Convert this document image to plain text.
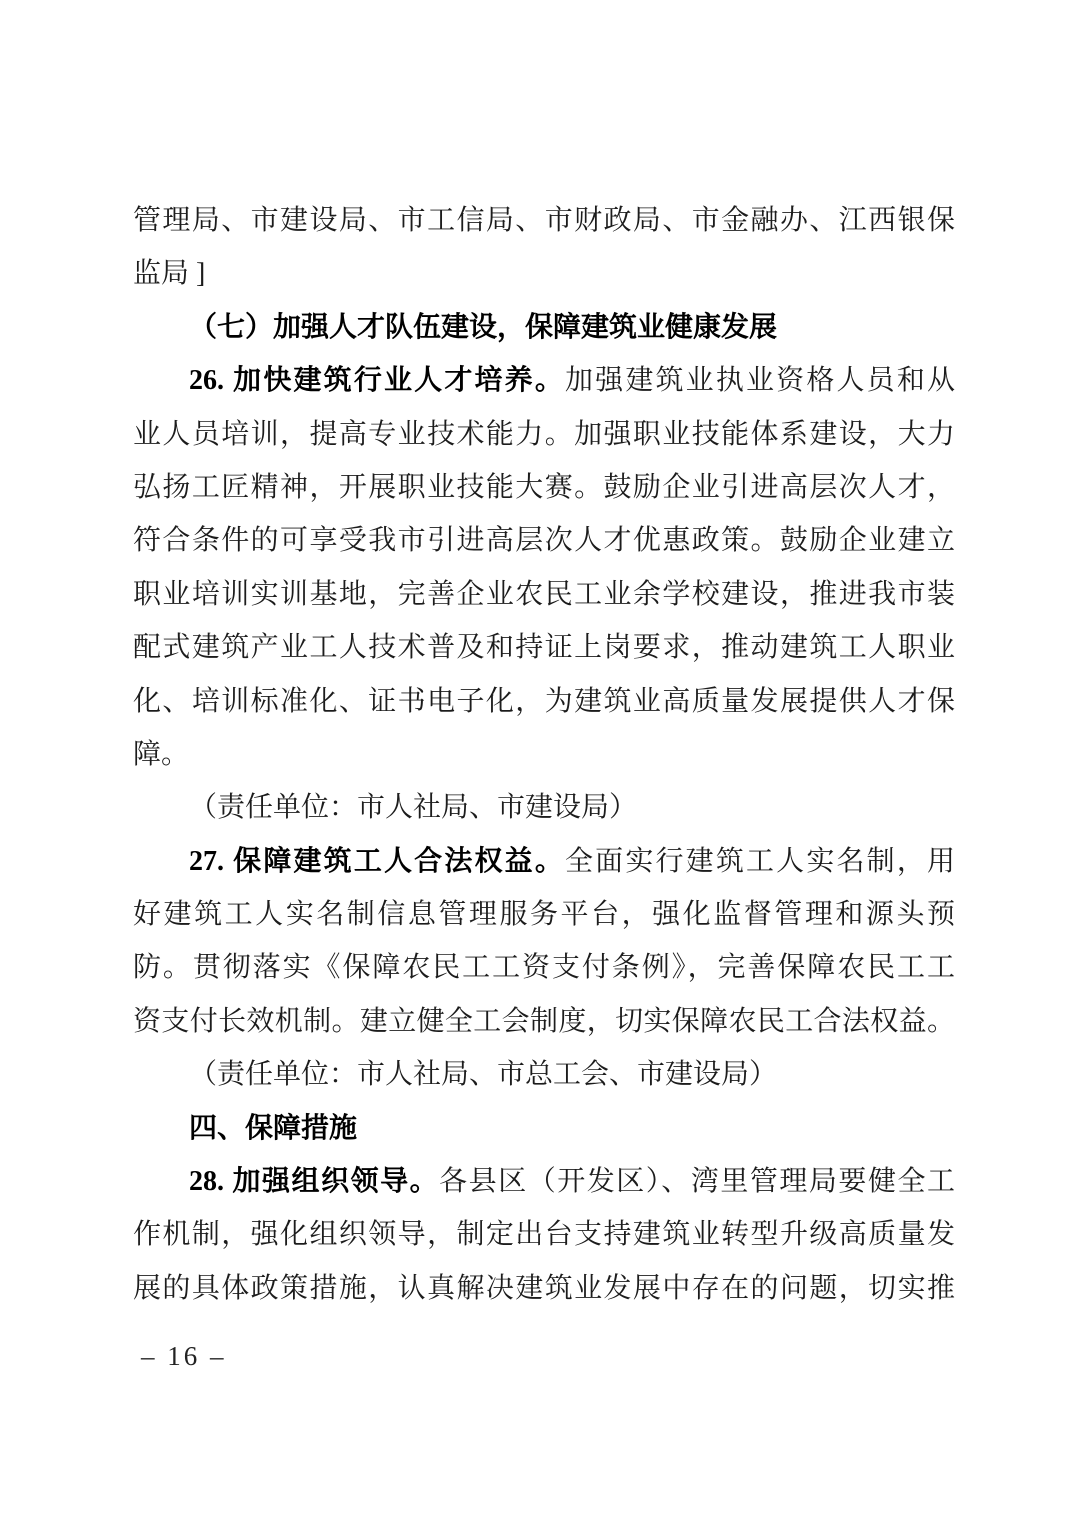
管理局、市建设局、市工信局、市财政局、市金融办、江西银保
监局 ]
（七）加强人才队伍建设，保障建筑业健康发展
26. 加快建筑行业人才培养。加强建筑业执业资格人员和从
业人员培训，提高专业技术能力。加强职业技能体系建设，大力
弘扬工匠精神，开展职业技能大赛。鼓励企业引进高层次人才，
符合条件的可享受我市引进高层次人才优惠政策。鼓励企业建立
职业培训实训基地，完善企业农民工业余学校建设，推进我市装
配式建筑产业工人技术普及和持证上岗要求，推动建筑工人职业
化、培训标准化、证书电子化，为建筑业高质量发展提供人才保
障。
（责任单位：市人社局、市建设局）
27. 保障建筑工人合法权益。全面实行建筑工人实名制，用
好建筑工人实名制信息管理服务平台，强化监督管理和源头预
防。贯彻落实《保障农民工工资支付条例》，完善保障农民工工
资支付长效机制。建立健全工会制度，切实保障农民工合法权益。
（责任单位：市人社局、市总工会、市建设局）
四、保障措施
28. 加强组织领导。各县区（开发区）、湾里管理局要健全工
作机制，强化组织领导，制定出台支持建筑业转型升级高质量发
展的具体政策措施，认真解决建筑业发展中存在的问题，切实推
– 16 –
